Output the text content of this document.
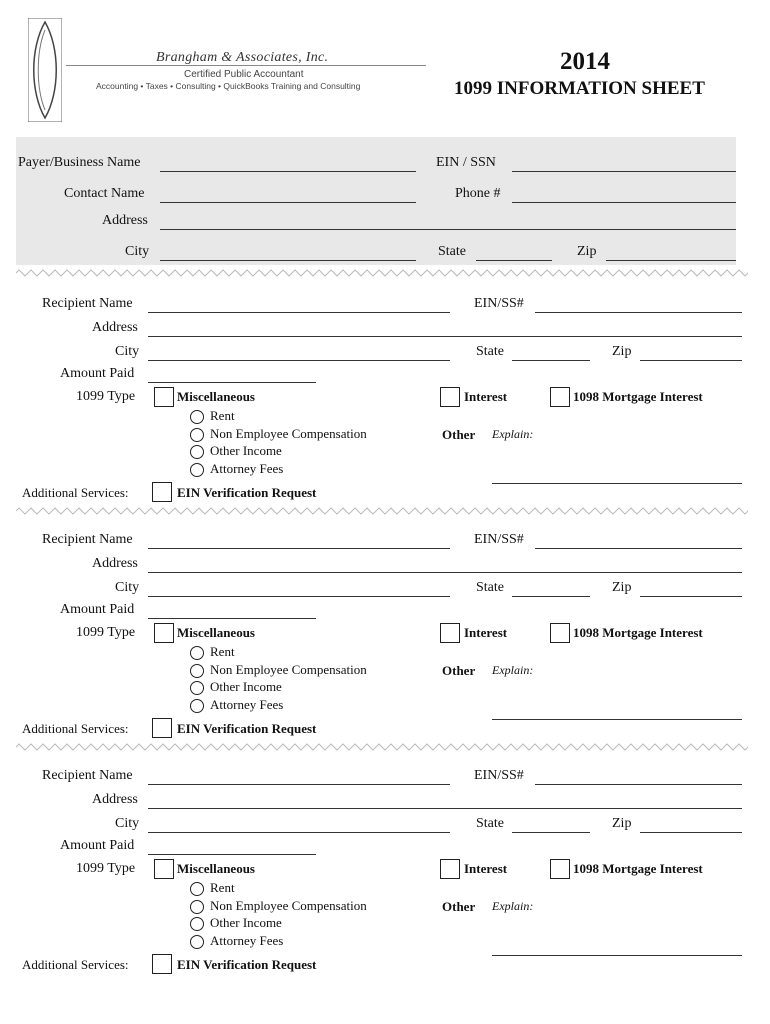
Brangham & Associates, Inc.
Certified Public Accountant
Accounting • Taxes • Consulting • QuickBooks Training and Consulting
2014
1099 INFORMATION SHEET
Payer/Business Name	EIN / SSN
Contact Name	Phone #
Address
City	State	Zip
Recipient Name	EIN/SS#
Address
City	State	Zip
Amount Paid
1099 Type	Miscellaneous	Interest	1098 Mortgage Interest
Rent
Non Employee Compensation
Other Income
Attorney Fees
Other Explain:
Additional Services:	EIN Verification Request
Recipient Name	EIN/SS#
Address
City	State	Zip
Amount Paid
1099 Type	Miscellaneous	Interest	1098 Mortgage Interest
Rent
Non Employee Compensation
Other Income
Attorney Fees
Other Explain:
Additional Services:	EIN Verification Request
Recipient Name	EIN/SS#
Address
City	State	Zip
Amount Paid
1099 Type	Miscellaneous	Interest	1098 Mortgage Interest
Rent
Non Employee Compensation
Other Income
Attorney Fees
Other Explain:
Additional Services:	EIN Verification Request
